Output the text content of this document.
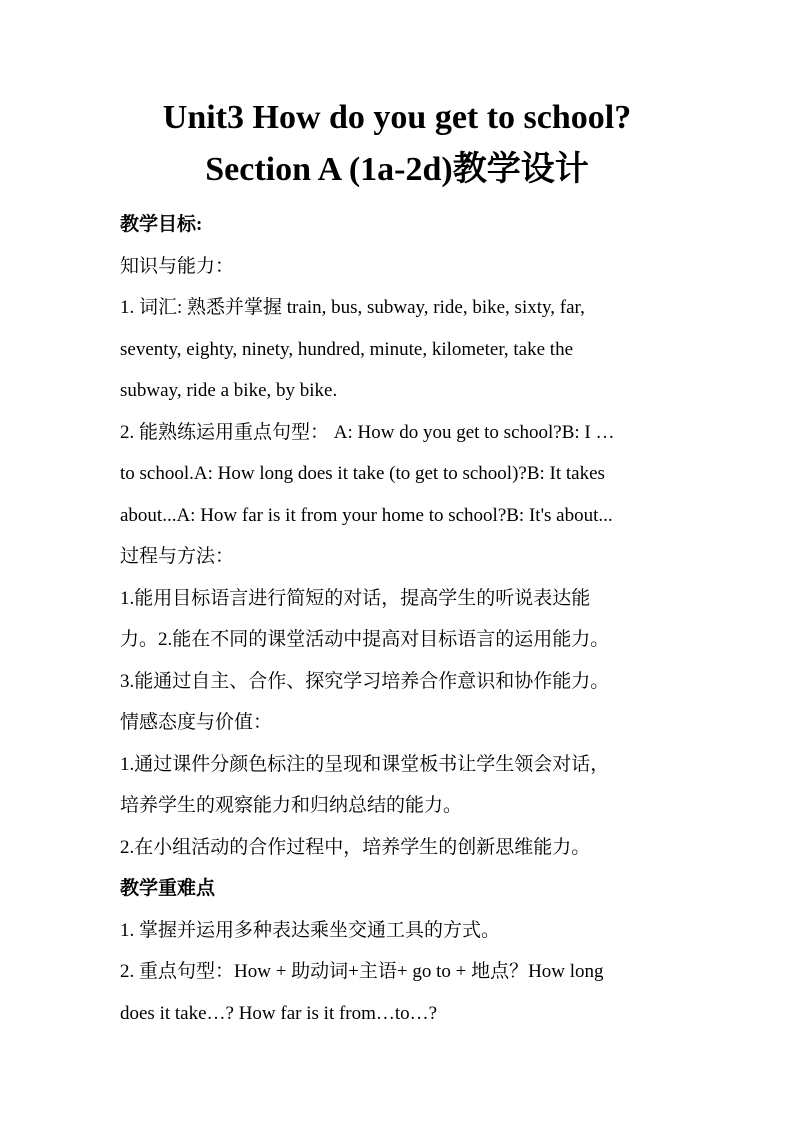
Unit3 How do you get to school?
Section A (1a-2d)教学设计
教学目标:
知识与能力：
1. 词汇: 熟悉并掌握 train, bus, subway, ride, bike, sixty, far,
seventy, eighty, ninety, hundred, minute, kilometer, take the
subway, ride a bike, by bike.
2. 能熟练运用重点句型： A: How do you get to school?B: I …
to school.A: How long does it take (to get to school)?B: It takes
about...A: How far is it from your home to school?B: It's about...
过程与方法：
1.能用目标语言进行简短的对话，提高学生的听说表达能
力。2.能在不同的课堂活动中提高对目标语言的运用能力。
3.能通过自主、合作、探究学习培养合作意识和协作能力。
情感态度与价值：
1.通过课件分颜色标注的呈现和课堂板书让学生领会对话，
培养学生的观察能力和归纳总结的能力。
2.在小组活动的合作过程中，培养学生的创新思维能力。
教学重难点
1. 掌握并运用多种表达乘坐交通工具的方式。
2. 重点句型：How + 助动词+主语+ go to + 地点？How long
does it take…? How far is it from…to…?
